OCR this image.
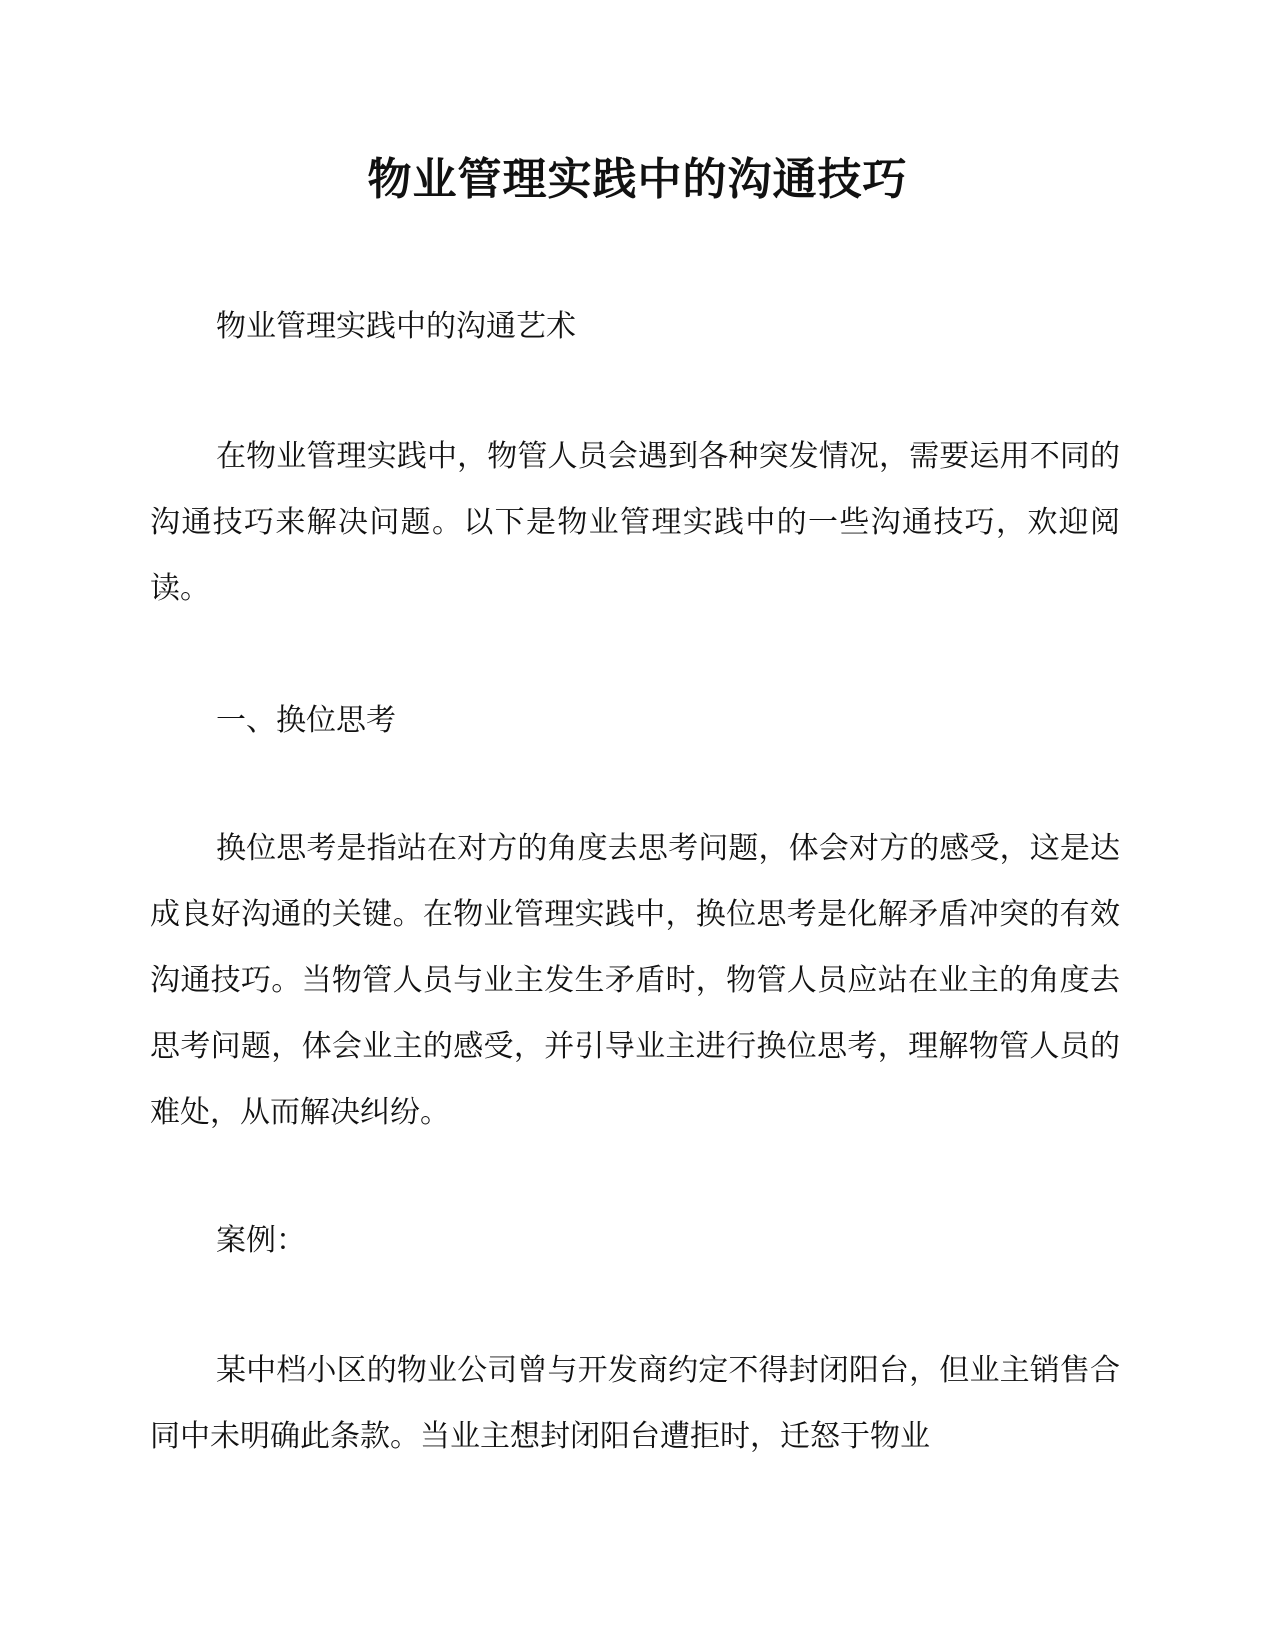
物业管理实践中的沟通技巧

物业管理实践中的沟通艺术

在物业管理实践中，物管人员会遇到各种突发情况，需要运用不同的沟通技巧来解决问题。以下是物业管理实践中的一些沟通技巧，欢迎阅读。

一、换位思考

换位思考是指站在对方的角度去思考问题，体会对方的感受，这是达成良好沟通的关键。在物业管理实践中，换位思考是化解矛盾冲突的有效沟通技巧。当物管人员与业主发生矛盾时，物管人员应站在业主的角度去思考问题，体会业主的感受，并引导业主进行换位思考，理解物管人员的难处，从而解决纠纷。

案例：

某中档小区的物业公司曾与开发商约定不得封闭阳台，但业主销售合同中未明确此条款。当业主想封闭阳台遭拒时，迁怒于物业
